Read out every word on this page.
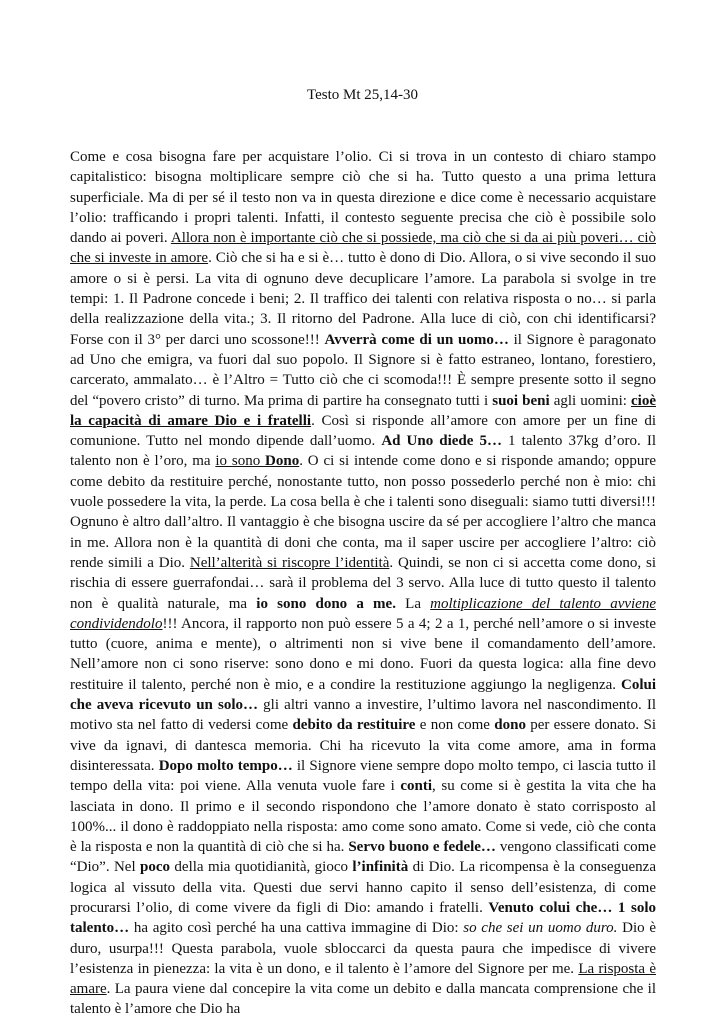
Testo Mt 25,14-30
Come e cosa bisogna fare per acquistare l’olio. Ci si trova in un contesto di chiaro stampo capitalistico: bisogna moltiplicare sempre ciò che si ha. Tutto questo a una prima lettura superficiale. Ma di per sé il testo non va in questa direzione e dice come è necessario acquistare l’olio: trafficando i propri talenti. Infatti, il contesto seguente precisa che ciò è possibile solo dando ai poveri. Allora non è importante ciò che si possiede, ma ciò che si da ai più poveri… ciò che si investe in amore. Ciò che si ha e si è… tutto è dono di Dio. Allora, o si vive secondo il suo amore o si è persi. La vita di ognuno deve decuplicare l’amore. La parabola si svolge in tre tempi: 1. Il Padrone concede i beni; 2. Il traffico dei talenti con relativa risposta o no… si parla della realizzazione della vita.; 3. Il ritorno del Padrone. Alla luce di ciò, con chi identificarsi? Forse con il 3° per darci uno scossone!!! Avverrà come di un uomo… il Signore è paragonato ad Uno che emigra, va fuori dal suo popolo. Il Signore si è fatto estraneo, lontano, forestiero, carcerato, ammalato… è l’Altro = Tutto ciò che ci scomoda!!! È sempre presente sotto il segno del “povero cristo” di turno. Ma prima di partire ha consegnato tutti i suoi beni agli uomini: cioè la capacità di amare Dio e i fratelli. Così si risponde all’amore con amore per un fine di comunione. Tutto nel mondo dipende dall’uomo. Ad Uno diede 5… 1 talento 37kg d’oro. Il talento non è l’oro, ma io sono Dono. O ci si intende come dono e si risponde amando; oppure come debito da restituire perché, nonostante tutto, non posso possederlo perché non è mio: chi vuole possedere la vita, la perde. La cosa bella è che i talenti sono diseguali: siamo tutti diversi!!! Ognuno è altro dall’altro. Il vantaggio è che bisogna uscire da sé per accogliere l’altro che manca in me. Allora non è la quantità di doni che conta, ma il saper uscire per accogliere l’altro: ciò rende simili a Dio. Nell’alterità si riscopre l’identità. Quindi, se non ci si accetta come dono, si rischia di essere guerrafondai… sarà il problema del 3 servo. Alla luce di tutto questo il talento non è qualità naturale, ma io sono dono a me. La moltiplicazione del talento avviene condividendolo!!! Ancora, il rapporto non può essere 5 a 4; 2 a 1, perché nell’amore o si investe tutto (cuore, anima e mente), o altrimenti non si vive bene il comandamento dell’amore. Nell’amore non ci sono riserve: sono dono e mi dono. Fuori da questa logica: alla fine devo restituire il talento, perché non è mio, e a condire la restituzione aggiungo la negligenza. Colui che aveva ricevuto un solo… gli altri vanno a investire, l’ultimo lavora nel nascondimento. Il motivo sta nel fatto di vedersi come debito da restituire e non come dono per essere donato. Si vive da ignavi, di dantesca memoria. Chi ha ricevuto la vita come amore, ama in forma disinteressata. Dopo molto tempo… il Signore viene sempre dopo molto tempo, ci lascia tutto il tempo della vita: poi viene. Alla venuta vuole fare i conti, su come si è gestita la vita che ha lasciata in dono. Il primo e il secondo rispondono che l’amore donato è stato corrisposto al 100%... il dono è raddoppiato nella risposta: amo come sono amato. Come si vede, ciò che conta è la risposta e non la quantità di ciò che si ha. Servo buono e fedele… vengono classificati come “Dio”. Nel poco della mia quotidianità, gioco l’infinità di Dio. La ricompensa è la conseguenza logica al vissuto della vita. Questi due servi hanno capito il senso dell’esistenza, di come procurarsi l’olio, di come vivere da figli di Dio: amando i fratelli. Venuto colui che… 1 solo talento… ha agito così perché ha una cattiva immagine di Dio: so che sei un uomo duro. Dio è duro, usurpa!!! Questa parabola, vuole sbloccarci da questa paura che impedisce di vivere l’esistenza in pienezza: la vita è un dono, e il talento è l’amore del Signore per me. La risposta è amare. La paura viene dal concepire la vita come un debito e dalla mancata comprensione che il talento è l’amore che Dio ha
